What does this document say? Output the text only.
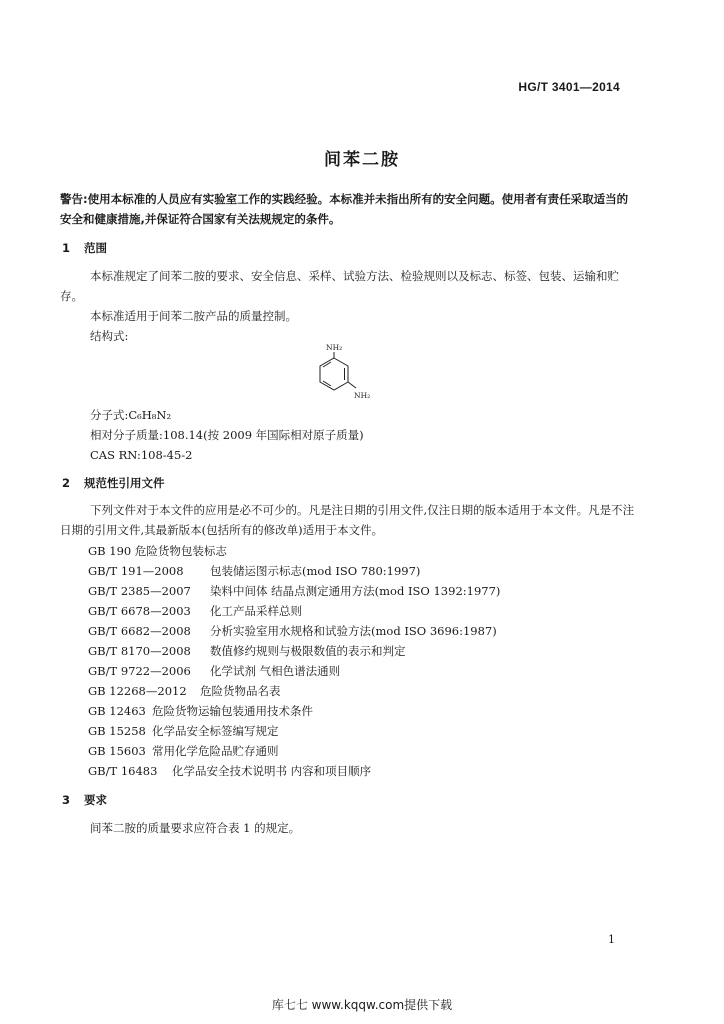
HG/T 3401—2014
间苯二胺
警告:使用本标准的人员应有实验室工作的实践经验。本标准并未指出所有的安全问题。使用者有责任采取适当的安全和健康措施,并保证符合国家有关法规规定的条件。
1 范围
本标准规定了间苯二胺的要求、安全信息、采样、试验方法、检验规则以及标志、标签、包装、运输和贮存。
本标准适用于间苯二胺产品的质量控制。
结构式:
NH₂
NH₂
分子式:C₆H₈N₂
相对分子质量:108.14(按 2009 年国际相对原子质量)
CAS RN:108-45-2
2 规范性引用文件
下列文件对于本文件的应用是必不可少的。凡是注日期的引用文件,仅注日期的版本适用于本文件。凡是不注日期的引用文件,其最新版本(包括所有的修改单)适用于本文件。
GB 190 危险货物包装标志
GB/T 191—2008 包装储运图示标志(mod ISO 780:1997)
GB/T 2385—2007 染料中间体 结晶点测定通用方法(mod ISO 1392:1977)
GB/T 6678—2003 化工产品采样总则
GB/T 6682—2008 分析实验室用水规格和试验方法(mod ISO 3696:1987)
GB/T 8170—2008 数值修约规则与极限数值的表示和判定
GB/T 9722—2006 化学试剂 气相色谱法通则
GB 12268—2012 危险货物品名表
GB 12463 危险货物运输包装通用技术条件
GB 15258 化学品安全标签编写规定
GB 15603 常用化学危险品贮存通则
GB/T 16483 化学品安全技术说明书 内容和项目顺序
3 要求
间苯二胺的质量要求应符合表 1 的规定。
1
库七七 www.kqqw.com提供下载
